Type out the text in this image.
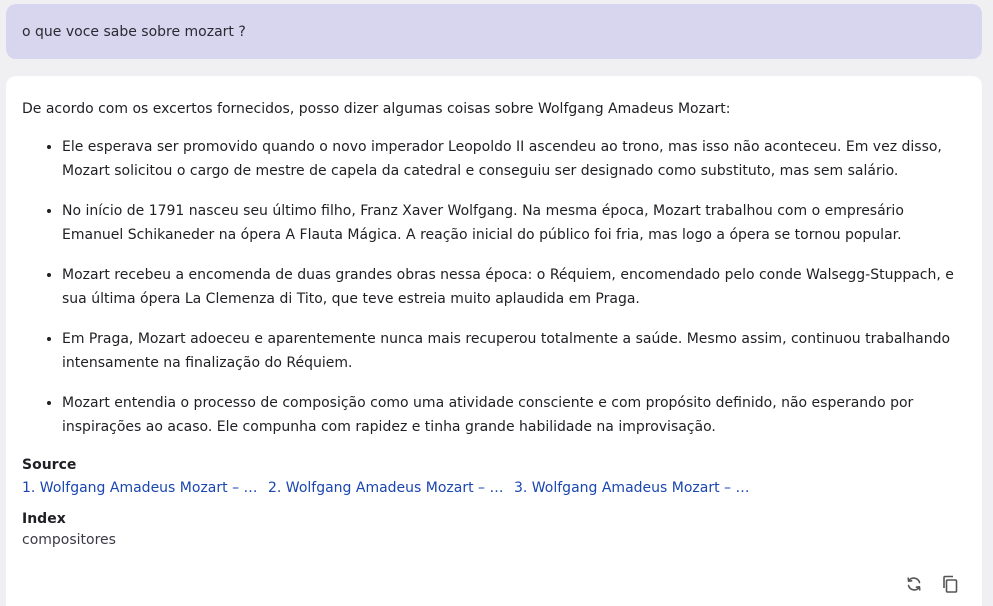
o que voce sabe sobre mozart ?

De acordo com os excertos fornecidos, posso dizer algumas coisas sobre Wolfgang Amadeus Mozart:

• Ele esperava ser promovido quando o novo imperador Leopoldo II ascendeu ao trono, mas isso não aconteceu. Em vez disso, Mozart solicitou o cargo de mestre de capela da catedral e conseguiu ser designado como substituto, mas sem salário.
• No início de 1791 nasceu seu último filho, Franz Xaver Wolfgang. Na mesma época, Mozart trabalhou com o empresário Emanuel Schikaneder na ópera A Flauta Mágica. A reação inicial do público foi fria, mas logo a ópera se tornou popular.
• Mozart recebeu a encomenda de duas grandes obras nessa época: o Réquiem, encomendado pelo conde Walsegg-Stuppach, e sua última ópera La Clemenza di Tito, que teve estreia muito aplaudida em Praga.
• Em Praga, Mozart adoeceu e aparentemente nunca mais recuperou totalmente a saúde. Mesmo assim, continuou trabalhando intensamente na finalização do Réquiem.
• Mozart entendia o processo de composição como uma atividade consciente e com propósito definido, não esperando por inspirações ao acaso. Ele compunha com rapidez e tinha grande habilidade na improvisação.
Source
1. Wolfgang Amadeus Mozart – … 2. Wolfgang Amadeus Mozart – … 3. Wolfgang Amadeus Mozart – …
Index
compositores
